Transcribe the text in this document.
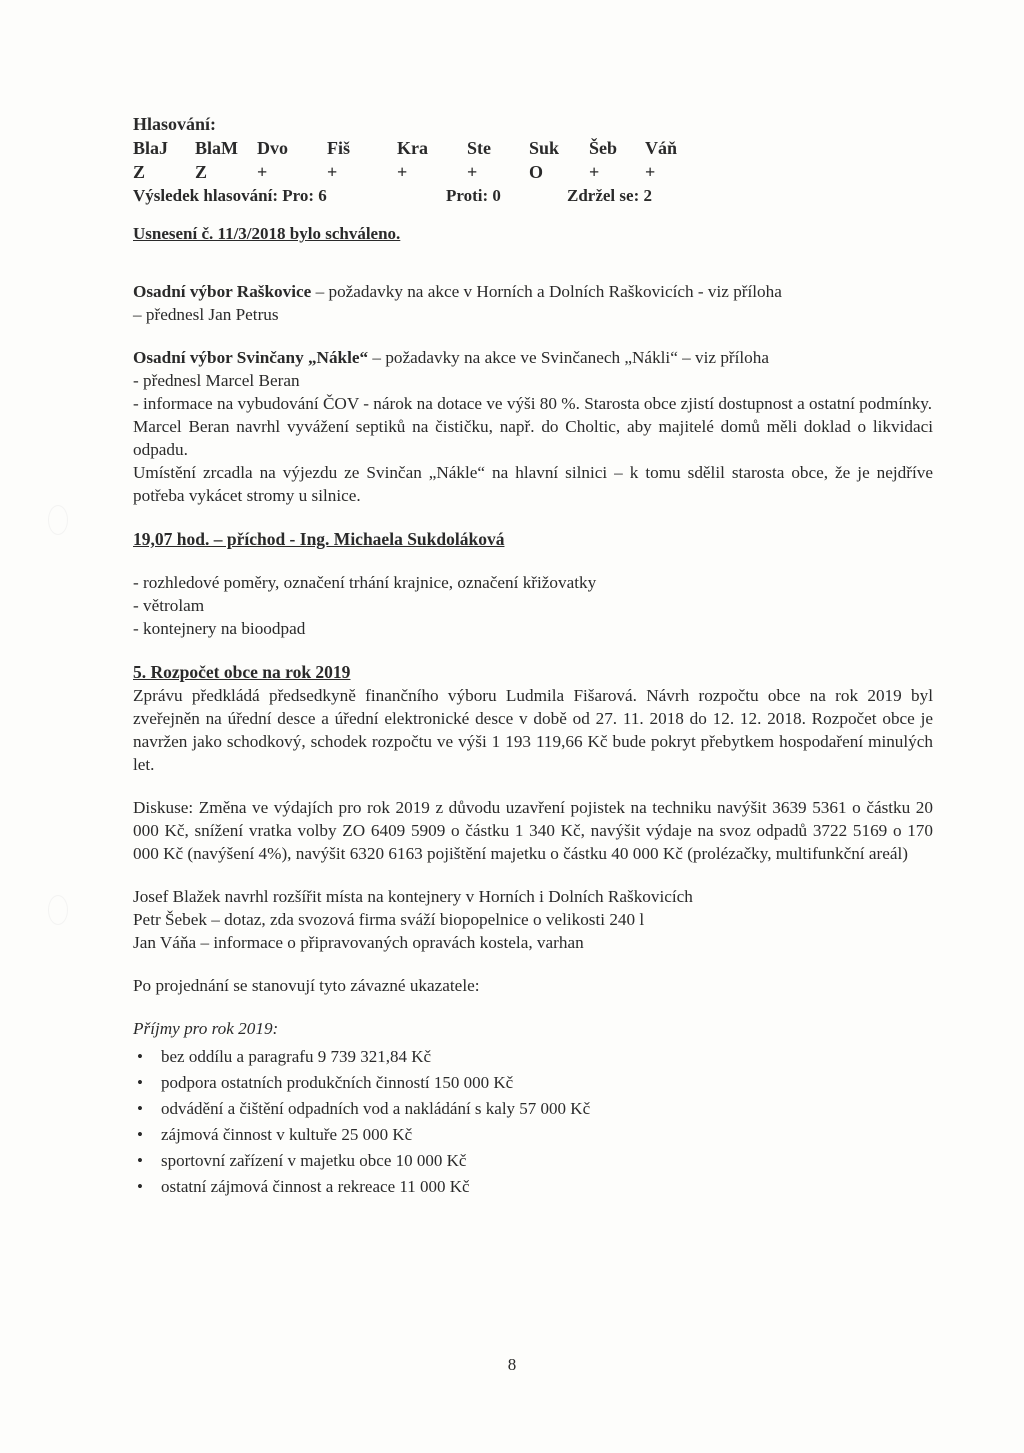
Hlasování:
BlaJ	BlaM	Dvo	Fiš	Kra	Ste	Suk	Šeb	Váň
Z	Z	+	+	+	+	O	+	+
Výsledek hlasování: Pro: 6	Proti: 0	Zdržel se: 2
Usnesení č. 11/3/2018 bylo schváleno.
Osadní výbor Raškovice – požadavky na akce v Horních a Dolních Raškovicích - viz příloha
– přednesl Jan Petrus
Osadní výbor Svinčany „Nákle“ – požadavky na akce ve Svinčanech „Nákli“ – viz příloha
- přednesl Marcel Beran
- informace na vybudování ČOV - nárok na dotace ve výši 80 %. Starosta obce zjistí dostupnost a ostatní podmínky.
Marcel Beran navrhl vyvážení septiků na čističku, např. do Choltic, aby majitelé domů měli doklad o likvidaci odpadu.
Umístění zrcadla na výjezdu ze Svinčan „Nákle“ na hlavní silnici – k tomu sdělil starosta obce, že je nejdříve potřeba vykácet stromy u silnice.
19,07 hod. – příchod - Ing. Michaela Sukdoláková
- rozhledové poměry, označení trhání krajnice, označení křižovatky
- větrolam
- kontejnery na bioodpad
5. Rozpočet obce na rok 2019
Zprávu předkládá předsedkyně finančního výboru Ludmila Fišarová. Návrh rozpočtu obce na rok 2019 byl zveřejněn na úřední desce a úřední elektronické desce v době od 27. 11. 2018 do 12. 12. 2018. Rozpočet obce je navržen jako schodkový, schodek rozpočtu ve výši 1 193 119,66 Kč bude pokryt přebytkem hospodaření minulých let.
Diskuse: Změna ve výdajích pro rok 2019 z důvodu uzavření pojistek na techniku navýšit 3639 5361 o částku 20 000 Kč, snížení vratka volby ZO 6409 5909 o částku 1 340 Kč, navýšit výdaje na svoz odpadů 3722 5169 o 170 000 Kč (navýšení 4%), navýšit 6320 6163 pojištění majetku o částku 40 000 Kč (prolézačky, multifunkční areál)
Josef Blažek navrhl rozšířit místa na kontejnery v Horních i Dolních Raškovicích
Petr Šebek – dotaz, zda svozová firma sváží biopopelnice o velikosti 240 l
Jan Váňa – informace o připravovaných opravách kostela, varhan
Po projednání se stanovují tyto závazné ukazatele:
Příjmy pro rok 2019:
• bez oddílu a paragrafu 9 739 321,84 Kč
• podpora ostatních produkčních činností 150 000 Kč
• odvádění a čištění odpadních vod a nakládání s kaly 57 000 Kč
• zájmová činnost v kultuře 25 000 Kč
• sportovní zařízení v majetku obce 10 000 Kč
• ostatní zájmová činnost a rekreace 11 000 Kč
8
